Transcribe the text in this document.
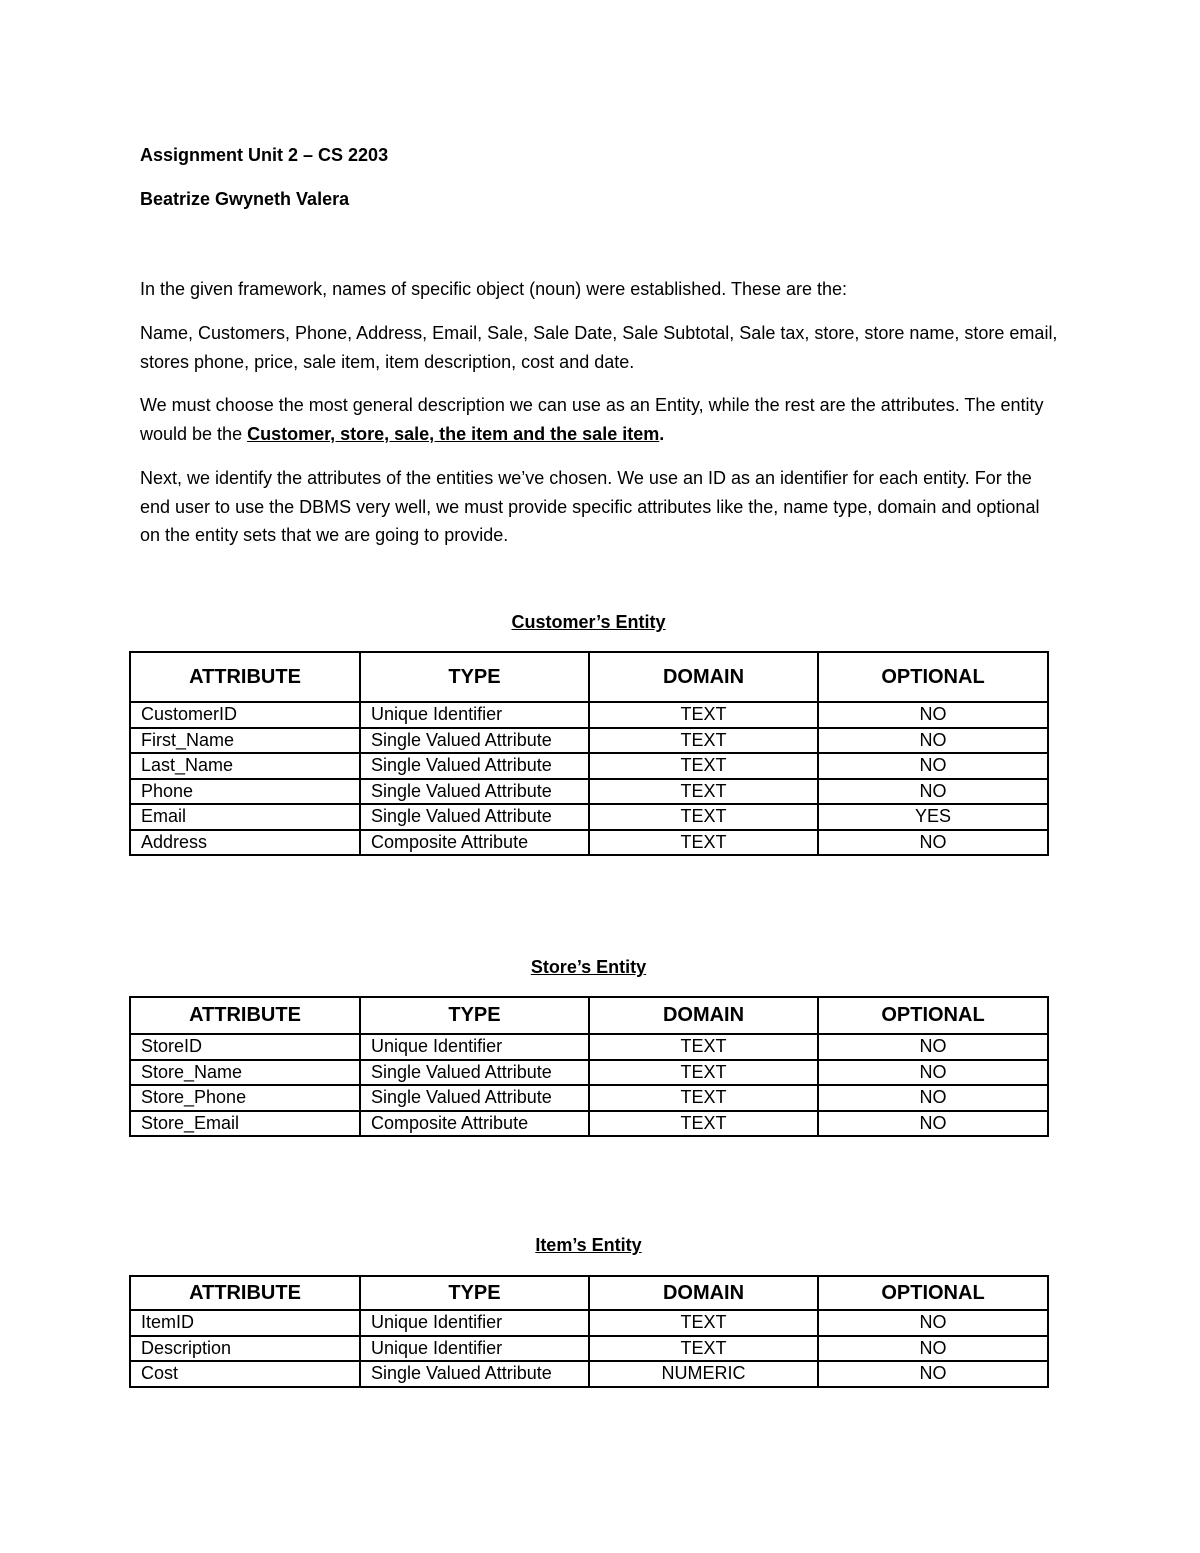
Assignment Unit 2 – CS 2203

Beatrize Gwyneth Valera

In the given framework, names of specific object (noun) were established. These are the:

Name, Customers, Phone, Address, Email, Sale, Sale Date, Sale Subtotal, Sale tax, store, store name, store email, stores phone, price, sale item, item description, cost and date.

We must choose the most general description we can use as an Entity, while the rest are the attributes. The entity would be the Customer, store, sale, the item and the sale item.

Next, we identify the attributes of the entities we’ve chosen. We use an ID as an identifier for each entity. For the end user to use the DBMS very well, we must provide specific attributes like the, name type, domain and optional on the entity sets that we are going to provide.

Customer’s Entity

ATTRIBUTE	TYPE	DOMAIN	OPTIONAL
CustomerID	Unique Identifier	TEXT	NO
First_Name	Single Valued Attribute	TEXT	NO
Last_Name	Single Valued Attribute	TEXT	NO
Phone	Single Valued Attribute	TEXT	NO
Email	Single Valued Attribute	TEXT	YES
Address	Composite Attribute	TEXT	NO

Store’s Entity

ATTRIBUTE	TYPE	DOMAIN	OPTIONAL
StoreID	Unique Identifier	TEXT	NO
Store_Name	Single Valued Attribute	TEXT	NO
Store_Phone	Single Valued Attribute	TEXT	NO
Store_Email	Composite Attribute	TEXT	NO

Item’s Entity

ATTRIBUTE	TYPE	DOMAIN	OPTIONAL
ItemID	Unique Identifier	TEXT	NO
Description	Unique Identifier	TEXT	NO
Cost	Single Valued Attribute	NUMERIC	NO
